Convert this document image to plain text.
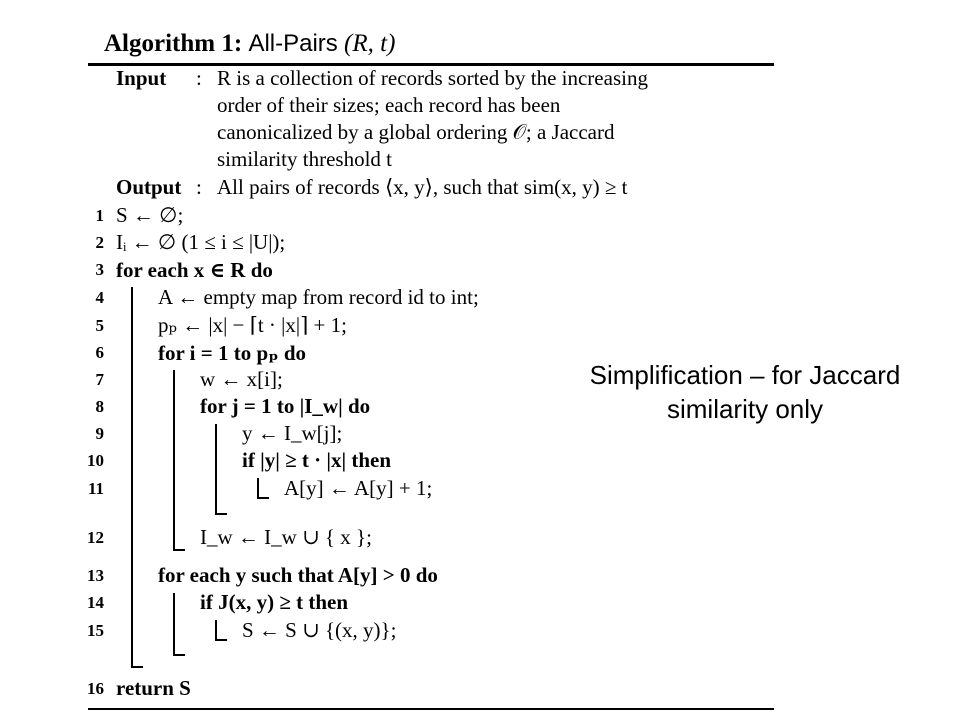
Algorithm 1: All-Pairs (R, t)
Input : R is a collection of records sorted by the increasing
order of their sizes; each record has been
canonicalized by a global ordering 𝒪; a Jaccard
similarity threshold t
Output : All pairs of records ⟨x, y⟩, such that sim(x, y) ≥ t
1
2
3
4
5
6
7
8
9
10
11
12
13
14
15
16
S ← ∅;
Iᵢ ← ∅ (1 ≤ i ≤ |U|);
for each x ∈ R do
A ← empty map from record id to int;
pₚ ← |x| − ⌈t · |x|⌉ + 1;
for i = 1 to pₚ do
w ← x[i];
for j = 1 to |I_w| do
y ← I_w[j];
if |y| ≥ t · |x| then
A[y] ← A[y] + 1;
I_w ← I_w ∪ { x };
for each y such that A[y] > 0 do
if J(x, y) ≥ t then
S ← S ∪ {(x, y)};
return S
Simplification – for Jaccard
similarity only
